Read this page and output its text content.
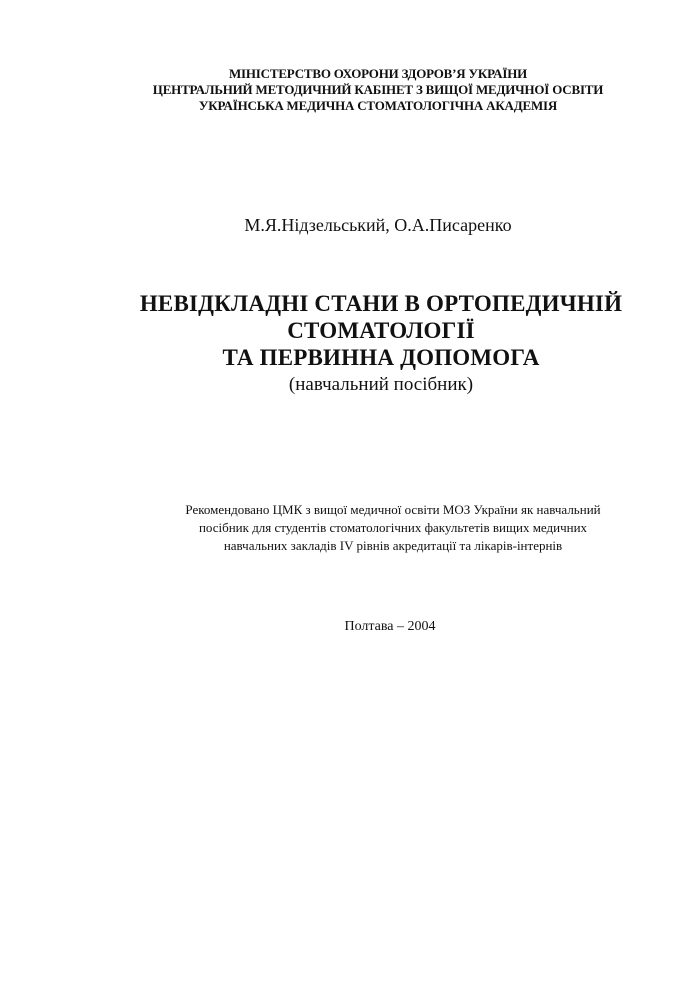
МІНІСТЕРСТВО ОХОРОНИ ЗДОРОВ’Я УКРАЇНИ
ЦЕНТРАЛЬНИЙ МЕТОДИЧНИЙ КАБІНЕТ З ВИЩОЇ МЕДИЧНОЇ ОСВІТИ
УКРАЇНСЬКА МЕДИЧНА СТОМАТОЛОГІЧНА АКАДЕМІЯ
М.Я.Нідзельський, О.А.Писаренко
НЕВІДКЛАДНІ СТАНИ В ОРТОПЕДИЧНІЙ
СТОМАТОЛОГІЇ
ТА ПЕРВИННА ДОПОМОГА
(навчальний посібник)
Рекомендовано ЦМК з вищої медичної освіти МОЗ України як навчальний
посібник для студентів стоматологічних факультетів вищих медичних
навчальних закладів IV рівнів акредитації та лікарів-інтернів
Полтава – 2004
